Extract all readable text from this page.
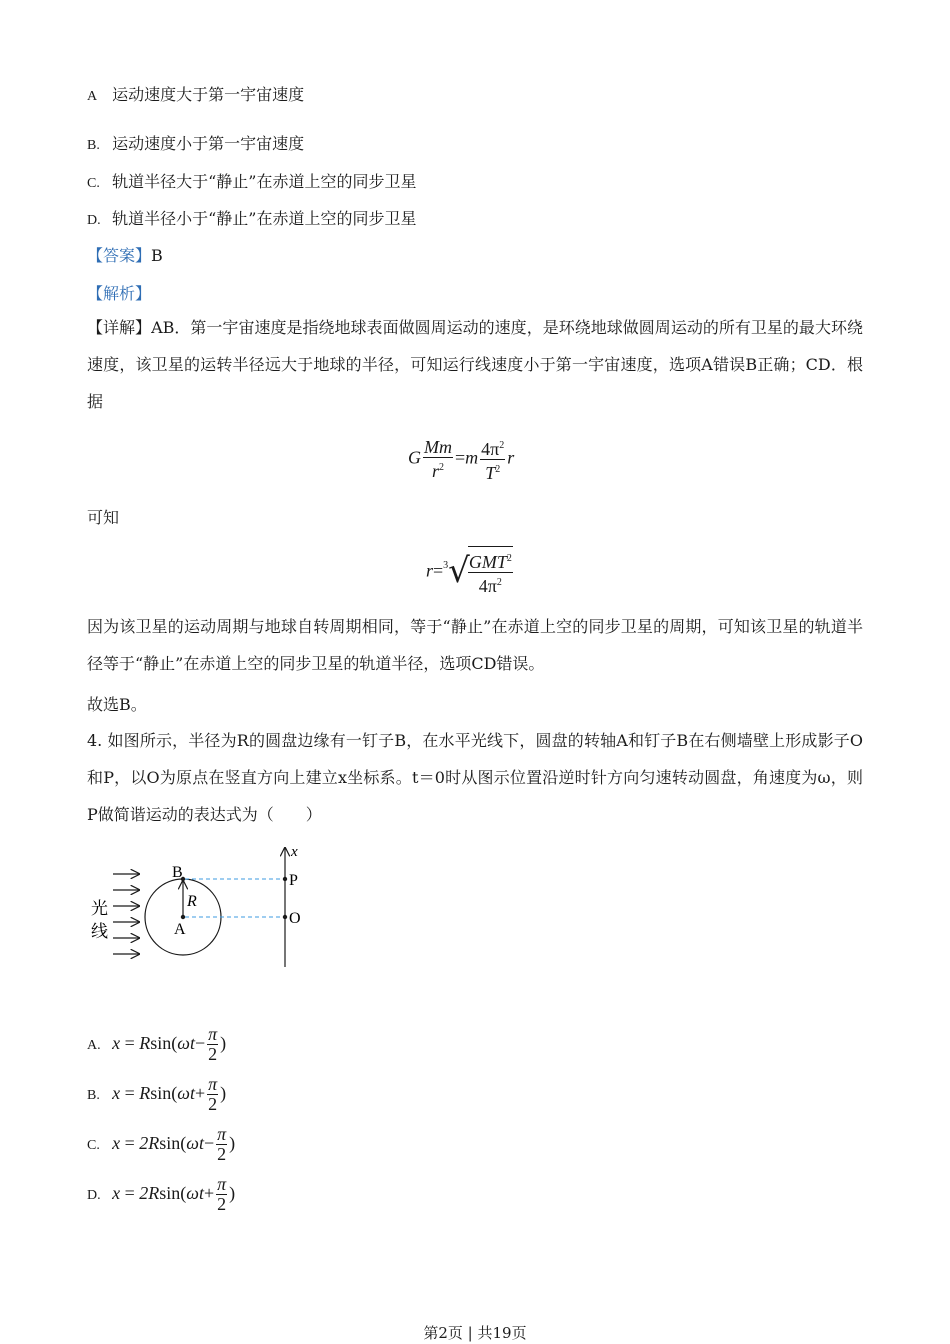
A 运动速度大于第一宇宙速度
B. 运动速度小于第一宇宙速度
C. 轨道半径大于“静止”在赤道上空的同步卫星
D. 轨道半径小于“静止”在赤道上空的同步卫星
【答案】B
【解析】
【详解】AB．第一宇宙速度是指绕地球表面做圆周运动的速度，是环绕地球做圆周运动的所有卫星的最大环绕速度，该卫星的运转半径远大于地球的半径，可知运行线速度小于第一宇宙速度，选项A错误B正确；CD．根据
G $\frac{Mm}{r^2} =m \frac{4\pi^2}{T^2}$ r
可知
r=$^3$√
$\frac{GMT^2}{4\pi^2}$
因为该卫星的运动周期与地球自转周期相同，等于“静止”在赤道上空的同步卫星的周期，可知该卫星的轨道半径等于“静止”在赤道上空的同步卫星的轨道半径，选项CD错误。
故选B。
4. 如图所示，半径为R的圆盘边缘有一钉子B，在水平光线下，圆盘的转轴A和钉子B在右侧墙壁上形成影子O和P，以O为原点在竖直方向上建立x坐标系。t＝0时从图示位置沿逆时针方向匀速转动圆盘，角速度为ω，则P做简谐运动的表达式为（　　）
光
线
B
A
R
P
O
x
A. $x = Rsin(\omega t- \frac{\pi}{2}$ )
B. $x = Rsin(\omega t+ \frac{\pi}{2}$ )
C. $x = 2Rsin(\omega t- \frac{\pi}{2}$ )
D. $x = 2Rsin(\omega t+ \frac{\pi}{2}$ )
第2页 | 共19页
